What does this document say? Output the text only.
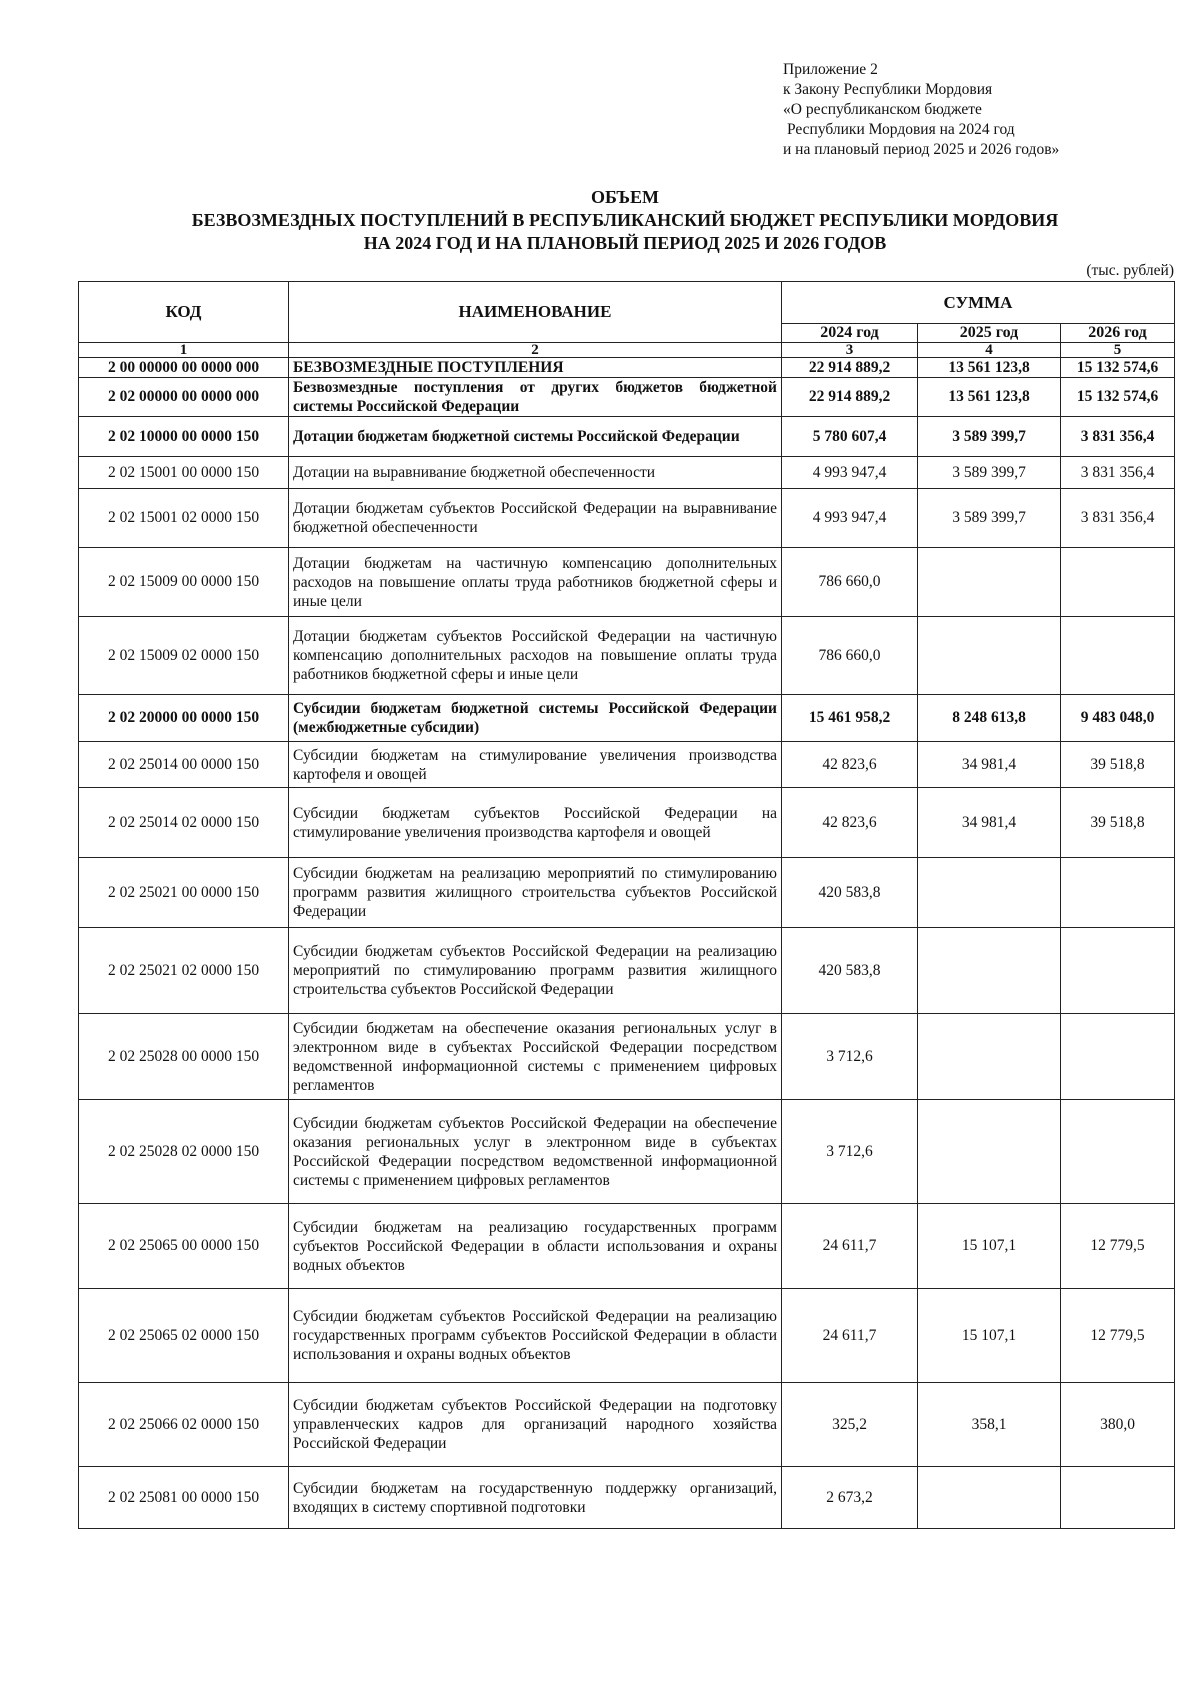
Приложение 2
к Закону Республики Мордовия
«О республиканском бюджете
Республики Мордовия на 2024 год
и на плановый период 2025 и 2026 годов»
ОБЪЕМ
БЕЗВОЗМЕЗДНЫХ ПОСТУПЛЕНИЙ В РЕСПУБЛИКАНСКИЙ БЮДЖЕТ РЕСПУБЛИКИ МОРДОВИЯ
НА 2024 ГОД И НА ПЛАНОВЫЙ ПЕРИОД 2025 И 2026 ГОДОВ
(тыс. рублей)
КОД	НАИМЕНОВАНИЕ	СУММА		
		2024 год	2025 год	2026 год
1	2	3	4	5
2 00 00000 00 0000 000	БЕЗВОЗМЕЗДНЫЕ ПОСТУПЛЕНИЯ	22 914 889,2	13 561 123,8	15 132 574,6
2 02 00000 00 0000 000	Безвозмездные поступления от других бюджетов бюджетной системы Российской Федерации	22 914 889,2	13 561 123,8	15 132 574,6
2 02 10000 00 0000 150	Дотации бюджетам бюджетной системы Российской Федерации	5 780 607,4	3 589 399,7	3 831 356,4
2 02 15001 00 0000 150	Дотации на выравнивание бюджетной обеспеченности	4 993 947,4	3 589 399,7	3 831 356,4
2 02 15001 02 0000 150	Дотации бюджетам субъектов Российской Федерации на выравнивание бюджетной обеспеченности	4 993 947,4	3 589 399,7	3 831 356,4
2 02 15009 00 0000 150	Дотации бюджетам на частичную компенсацию дополнительных расходов на повышение оплаты труда работников бюджетной сферы и иные цели	786 660,0		
2 02 15009 02 0000 150	Дотации бюджетам субъектов Российской Федерации на частичную компенсацию дополнительных расходов на повышение оплаты труда работников бюджетной сферы и иные цели	786 660,0		
2 02 20000 00 0000 150	Субсидии бюджетам бюджетной системы Российской Федерации (межбюджетные субсидии)	15 461 958,2	8 248 613,8	9 483 048,0
2 02 25014 00 0000 150	Субсидии бюджетам на стимулирование увеличения производства картофеля и овощей	42 823,6	34 981,4	39 518,8
2 02 25014 02 0000 150	Субсидии бюджетам субъектов Российской Федерации на стимулирование увеличения производства картофеля и овощей	42 823,6	34 981,4	39 518,8
2 02 25021 00 0000 150	Субсидии бюджетам на реализацию мероприятий по стимулированию программ развития жилищного строительства субъектов Российской Федерации	420 583,8		
2 02 25021 02 0000 150	Субсидии бюджетам субъектов Российской Федерации на реализацию мероприятий по стимулированию программ развития жилищного строительства субъектов Российской Федерации	420 583,8		
2 02 25028 00 0000 150	Субсидии бюджетам на обеспечение оказания региональных услуг в электронном виде в субъектах Российской Федерации посредством ведомственной информационной системы с применением цифровых регламентов	3 712,6		
2 02 25028 02 0000 150	Субсидии бюджетам субъектов Российской Федерации на обеспечение оказания региональных услуг в электронном виде в субъектах Российской Федерации посредством ведомственной информационной системы с применением цифровых регламентов	3 712,6		
2 02 25065 00 0000 150	Субсидии бюджетам на реализацию государственных программ субъектов Российской Федерации в области использования и охраны водных объектов	24 611,7	15 107,1	12 779,5
2 02 25065 02 0000 150	Субсидии бюджетам субъектов Российской Федерации на реализацию государственных программ субъектов Российской Федерации в области использования и охраны водных объектов	24 611,7	15 107,1	12 779,5
2 02 25066 02 0000 150	Субсидии бюджетам субъектов Российской Федерации на подготовку управленческих кадров для организаций народного хозяйства Российской Федерации	325,2	358,1	380,0
2 02 25081 00 0000 150	Субсидии бюджетам на государственную поддержку организаций, входящих в систему спортивной подготовки	2 673,2		
